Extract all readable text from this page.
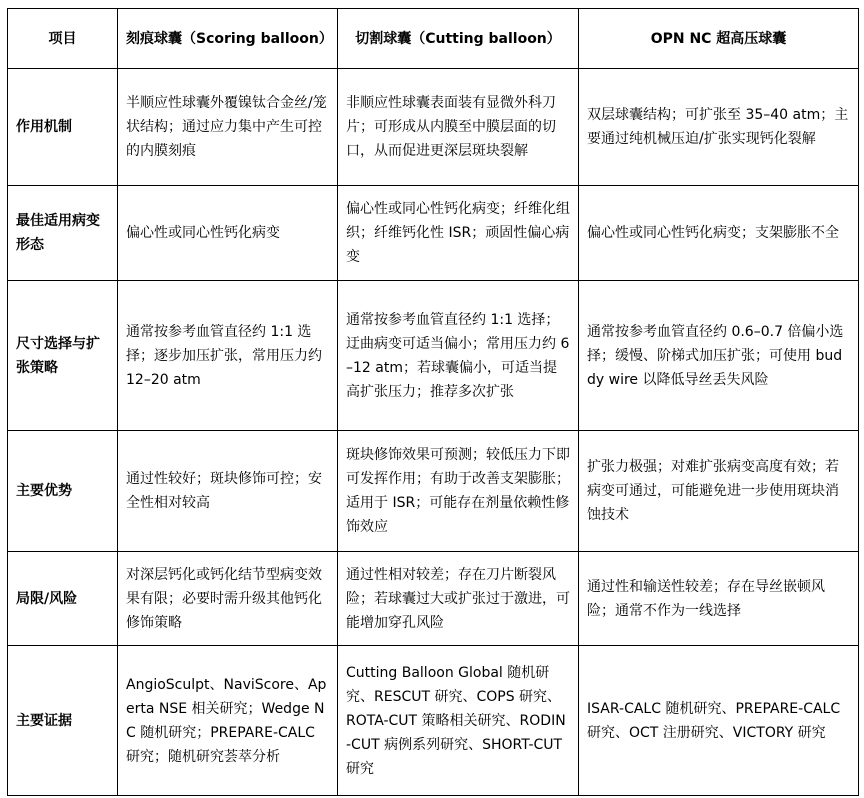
项目	刻痕球囊（Scoring balloon）	切割球囊（Cutting balloon）	OPN NC 超高压球囊
作用机制	半顺应性球囊外覆镍钛合金丝/笼状结构；通过应力集中产生可控的内膜刻痕	非顺应性球囊表面装有显微外科刀片；可形成从内膜至中膜层面的切口，从而促进更深层斑块裂解	双层球囊结构；可扩张至 35–40 atm；主要通过纯机械压迫/扩张实现钙化裂解
最佳适用病变形态	偏心性或同心性钙化病变	偏心性或同心性钙化病变；纤维化组织；纤维钙化性 ISR；顽固性偏心病变	偏心性或同心性钙化病变；支架膨胀不全
尺寸选择与扩张策略	通常按参考血管直径约 1:1 选择；逐步加压扩张，常用压力约 12–20 atm	通常按参考血管直径约 1:1 选择；迂曲病变可适当偏小；常用压力约 6–12 atm；若球囊偏小，可适当提高扩张压力；推荐多次扩张	通常按参考血管直径约 0.6–0.7 倍偏小选择；缓慢、阶梯式加压扩张；可使用 buddy wire 以降低导丝丢失风险
主要优势	通过性较好；斑块修饰可控；安全性相对较高	斑块修饰效果可预测；较低压力下即可发挥作用；有助于改善支架膨胀；适用于 ISR；可能存在剂量依赖性修饰效应	扩张力极强；对难扩张病变高度有效；若病变可通过，可能避免进一步使用斑块消蚀技术
局限/风险	对深层钙化或钙化结节型病变效果有限；必要时需升级其他钙化修饰策略	通过性相对较差；存在刀片断裂风险；若球囊过大或扩张过于激进，可能增加穿孔风险	通过性和输送性较差；存在导丝嵌顿风险；通常不作为一线选择
主要证据	AngioSculpt、NaviScore、Aperta NSE 相关研究；Wedge NC 随机研究；PREPARE-CALC 研究；随机研究荟萃分析	Cutting Balloon Global 随机研究、RESCUT 研究、COPS 研究、ROTA-CUT 策略相关研究、RODIN-CUT 病例系列研究、SHORT-CUT 研究	ISAR-CALC 随机研究、PREPARE-CALC 研究、OCT 注册研究、VICTORY 研究
